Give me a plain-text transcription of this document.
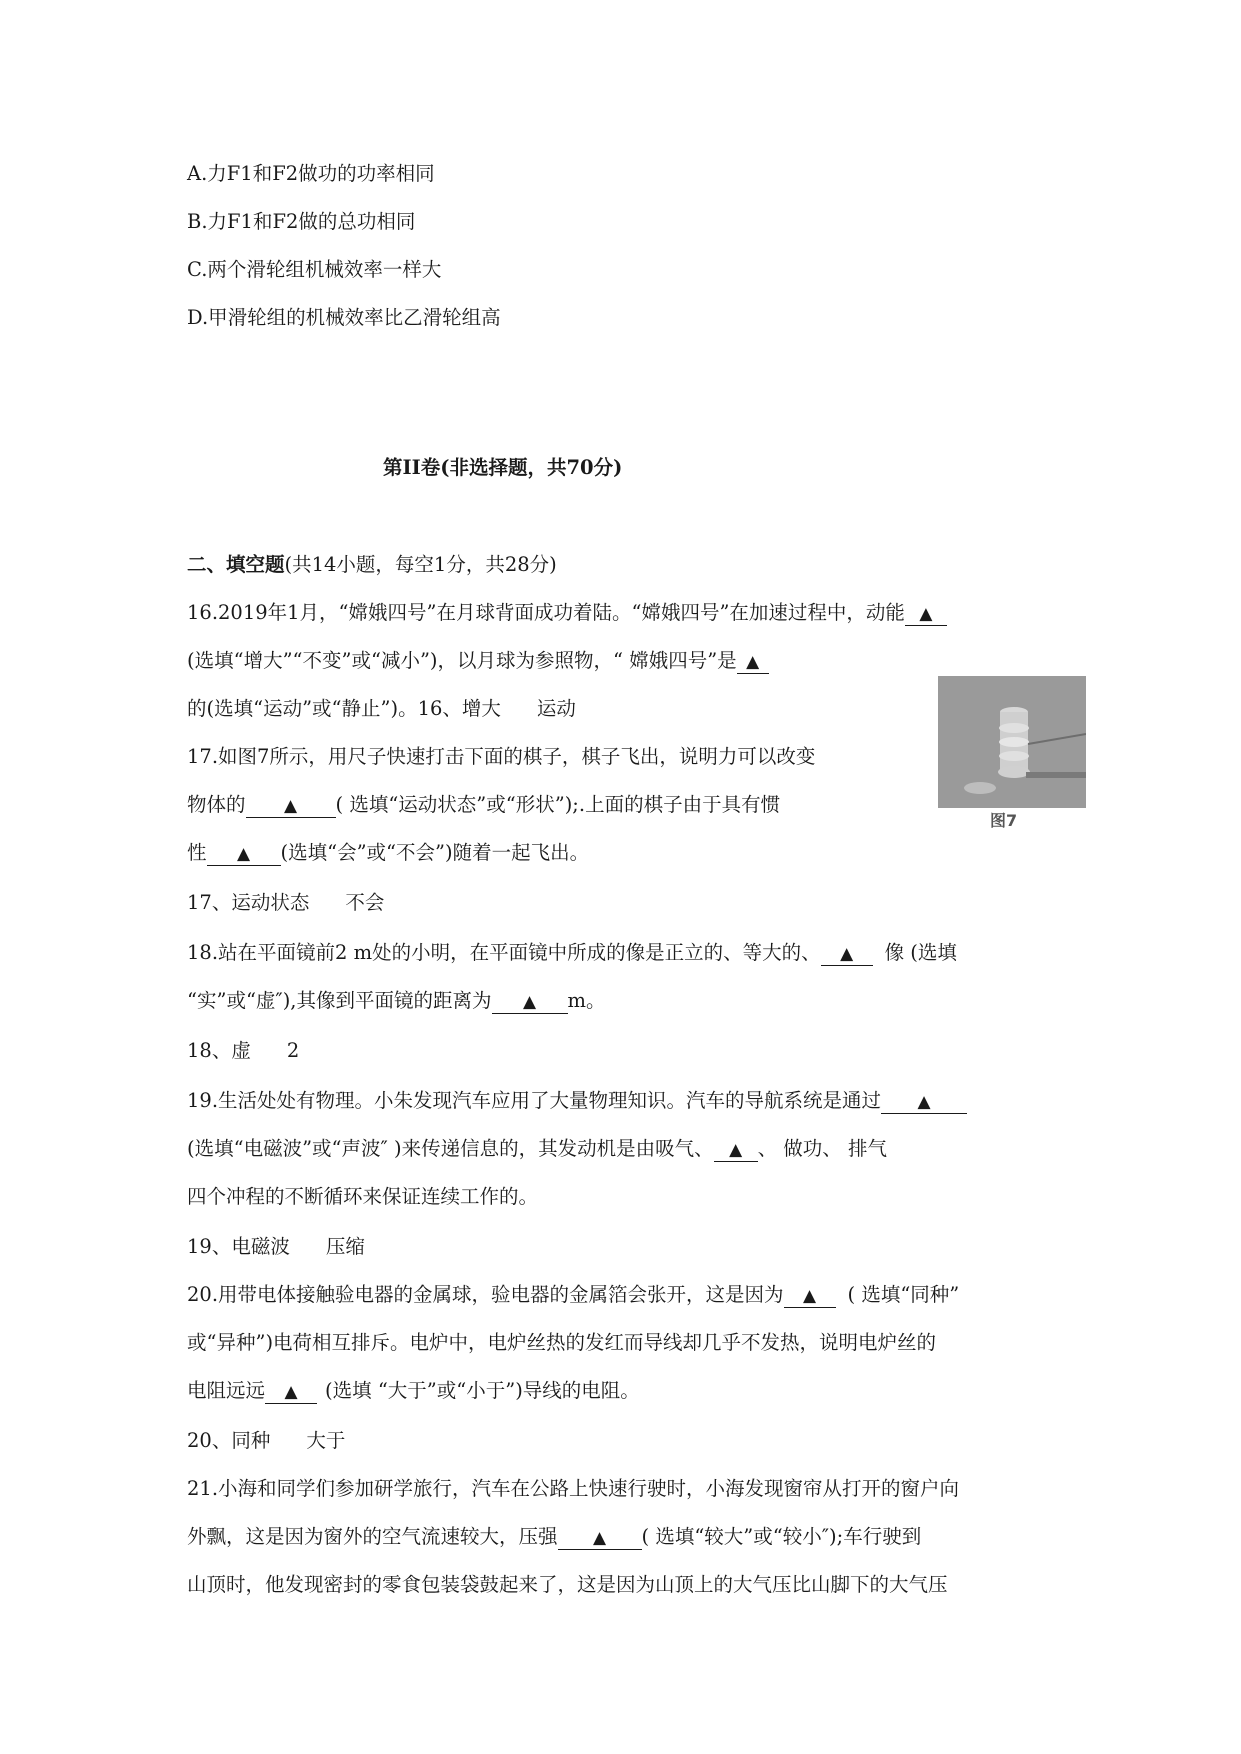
A.力F1和F2做功的功率相同
B.力F1和F2做的总功相同
C.两个滑轮组机械效率一样大
D.甲滑轮组的机械效率比乙滑轮组高
第II卷(非选择题，共70分)
二、填空题(共14小题，每空1分，共28分)
16.2019年1月，“嫦娥四号”在月球背面成功着陆。“嫦娥四号”在加速过程中，动能 ▲
(选填“增大”“不变”或“减小”)，以月球为参照物，“ 嫦娥四号”是 ▲
的(选填“运动”或“静止”)。16、增大 运动
图7
17.如图7所示，用尺子快速打击下面的棋子，棋子飞出，说明力可以改变
物体的 ▲ ( 选填“运动状态”或“形状”);.上面的棋子由于具有惯
性 ▲ (选填“会”或“不会”)随着一起飞出。
17、运动状态 不会
18.站在平面镜前2 m处的小明，在平面镜中所成的像是正立的、等大的、 ▲ 像 (选填
“实”或“虚″),其像到平面镜的距离为 ▲ m。
18、虚 2
19.生活处处有物理。小朱发现汽车应用了大量物理知识。汽车的导航系统是通过 ▲
(选填“电磁波”或“声波″ )来传递信息的，其发动机是由吸气、 ▲ 、 做功、 排气
四个冲程的不断循环来保证连续工作的。
19、电磁波 压缩
20.用带电体接触验电器的金属球，验电器的金属箔会张开，这是因为 ▲ ( 选填“同种”
或“异种”)电荷相互排斥。电炉中，电炉丝热的发红而导线却几乎不发热，说明电炉丝的
电阻远远 ▲ (选填 “大于”或“小于”)导线的电阻。
20、同种 大于
21.小海和同学们参加研学旅行，汽车在公路上快速行驶时，小海发现窗帘从打开的窗户向
外飘，这是因为窗外的空气流速较大，压强 ▲ ( 选填“较大”或“较小″);车行驶到
山顶时，他发现密封的零食包装袋鼓起来了，这是因为山顶上的大气压比山脚下的大气压
